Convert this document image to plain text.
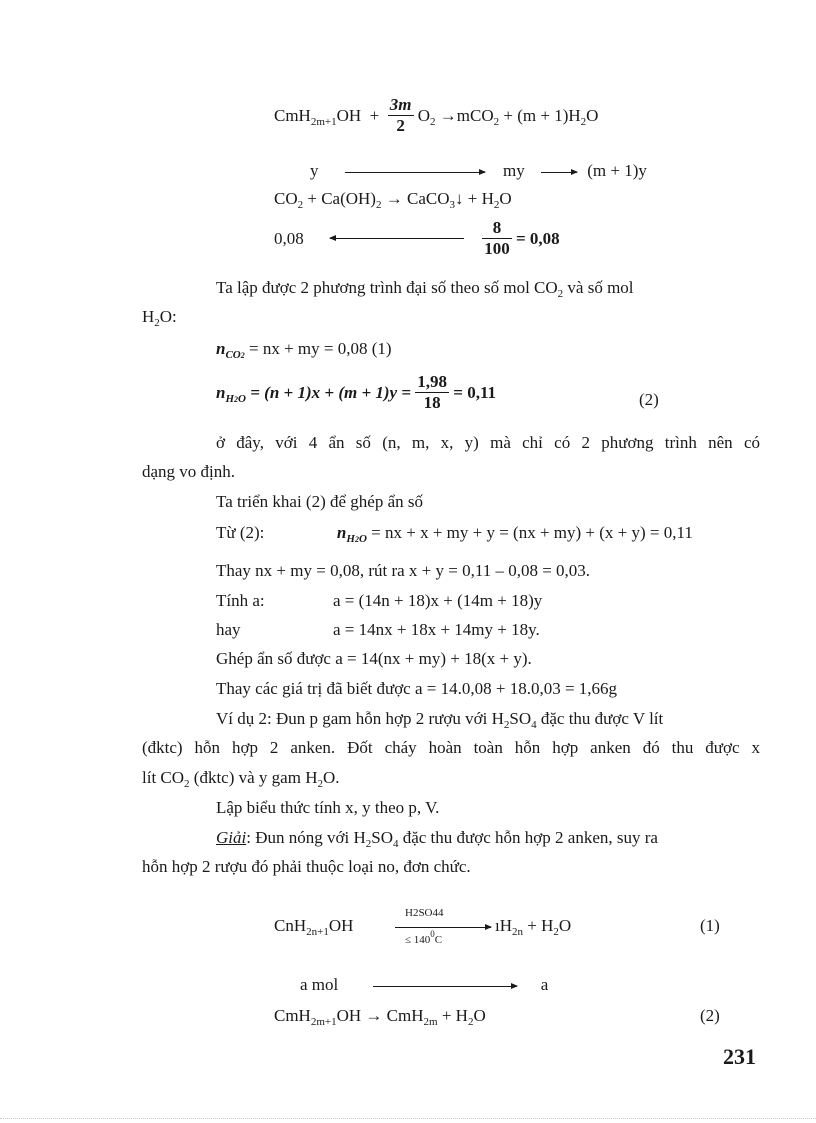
$CmH_{2m+1}OH + \frac{3m}{2} O_2 \to mCO_2 + (m + 1)H_2O$
y	my	(m + 1)y
$CO_2 + Ca(OH)_2$ → CaCO$_3$↓ + $H_2O$
0,08	$\frac{8}{100} = 0,08$
Ta lập được 2 phương trình đại số theo số mol $CO_2$ và số mol
$H_2O$:
$n_{CO2}$ = nx + my = 0,08 (1)
$n_{H2O} = (n + 1)x + (m + 1)y = \frac{1,98}{18} = 0,11$	(2)
ở đây, với 4 ẩn số (n, m, x, y) mà chỉ có 2 phương trình nên có
dạng vo định.
Ta triển khai (2) để ghép ẩn số
Từ (2):	$n_{H2O}$ = nx + x + my + y = (nx + my) + (x + y) = 0,11
Thay nx + my = 0,08, rút ra x + y = 0,11 – 0,08 = 0,03.
Tính a:	a = (14n + 18)x + (14m + 18)y
hay	a = 14nx + 18x + 14my + 18y.
Ghép ẩn số được a = 14(nx + my) + 18(x + y).
Thay các giá trị đã biết được a = 14.0,08 + 18.0,03 = 1,66g
Ví dụ 2: Đun p gam hỗn hợp 2 rượu với $H_2SO_4$ đặc thu được V lít
(đktc) hỗn hợp 2 anken. Đốt cháy hoàn toàn hỗn hợp anken đó thu được x
lít $CO_2$ (đktc) và y gam $H_2O$.
Lập biểu thức tính x, y theo p, V.
Giải: Đun nóng với $H_2SO_4$ đặc thu được hỗn hợp 2 anken, suy ra
hỗn hợp 2 rượu đó phải thuộc loại no, đơn chức.
CnH$_{2n+1}$OH
H2SO44
≤ $140^0C$
$ıH_{2n} + H_2O$	(1)
a mol	a
$CmH_{2m+1}OH \to CmH_{2m} + H_2O$	(2)
231
